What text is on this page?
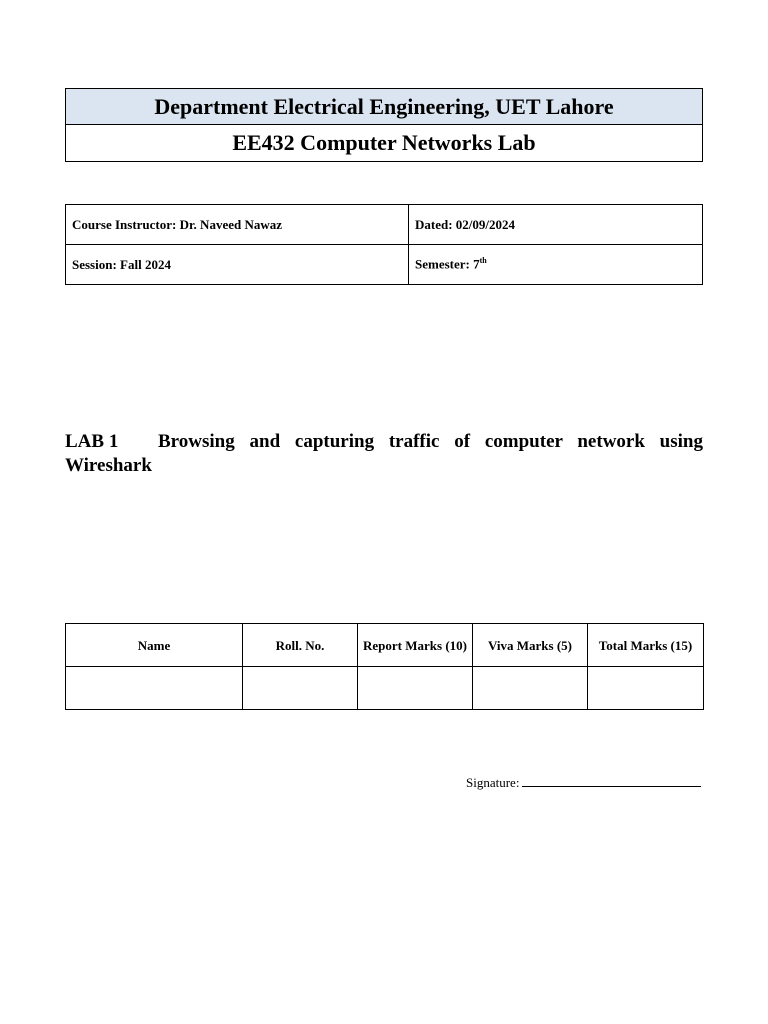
Department Electrical Engineering, UET Lahore
EE432 Computer Networks Lab
Course Instructor: Dr. Naveed Nawaz	Dated: 02/09/2024
Session: Fall 2024	Semester: 7th
LAB 1 Browsing and capturing traffic of computer network using Wireshark
Name	Roll. No.	Report Marks (10)	Viva Marks (5)	Total Marks (15)

Signature:
